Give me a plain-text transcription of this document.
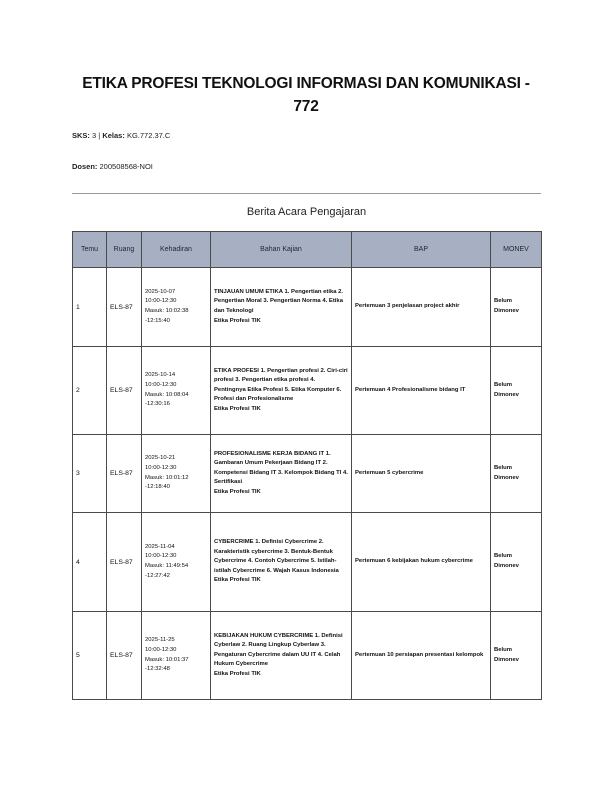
ETIKA PROFESI TEKNOLOGI INFORMASI DAN KOMUNIKASI - 772
SKS: 3 | Kelas: KG.772.37.C
Dosen: 200508568-NOI
Berita Acara Pengajaran
Temu	Ruang	Kehadiran	Bahan Kajian	BAP	MONEV
1	ELS-87	2025-10-07
10:00-12:30
Masuk: 10:02:38
-12:15:40	TINJAUAN UMUM ETIKA 1. Pengertian etika 2. Pengertian Moral 3. Pengertian Norma 4. Etika dan Teknologi
Etika Profesi TIK	Pertemuan 3 penjelasan project akhir	Belum Dimonev
2	ELS-87	2025-10-14
10:00-12:30
Masuk: 10:08:04
-12:30:16	ETIKA PROFESI 1. Pengertian profesi 2. Ciri-ciri profesi 3. Pengertian etika profesi 4. Pentingnya Etika Profesi 5. Etika Komputer 6. Profesi dan Profesionalisme
Etika Profesi TIK	Pertemuan 4 Profesionalisme bidang IT	Belum Dimonev
3	ELS-87	2025-10-21
10:00-12:30
Masuk: 10:01:12
-12:18:40	PROFESIONALISME KERJA BIDANG IT 1. Gambaran Umum Pekerjaan Bidang IT 2. Kompetensi Bidang IT 3. Kelompok Bidang TI 4. Sertifikasi
Etika Profesi TIK	Pertemuan 5 cybercrime	Belum Dimonev
4	ELS-87	2025-11-04
10:00-12:30
Masuk: 11:49:54
-12:27:42	CYBERCRIME 1. Definisi Cybercrime 2. Karakteristik cybercrime 3. Bentuk-Bentuk Cybercrime 4. Contoh Cybercrime 5. Istilah-istilah Cybercrime 6. Wajah Kasus Indonesia
Etika Profesi TIK	Pertemuan 6 kebijakan hukum cybercrime	Belum Dimonev
5	ELS-87	2025-11-25
10:00-12:30
Masuk: 10:01:37
-12:32:48	KEBIJAKAN HUKUM CYBERCRIME 1. Definisi Cyberlaw 2. Ruang Lingkup Cyberlaw 3. Pengaturan Cybercrime dalam UU IT 4. Celah Hukum Cybercrime
Etika Profesi TIK	Pertemuan 10 persiapan presentasi kelompok	Belum Dimonev
